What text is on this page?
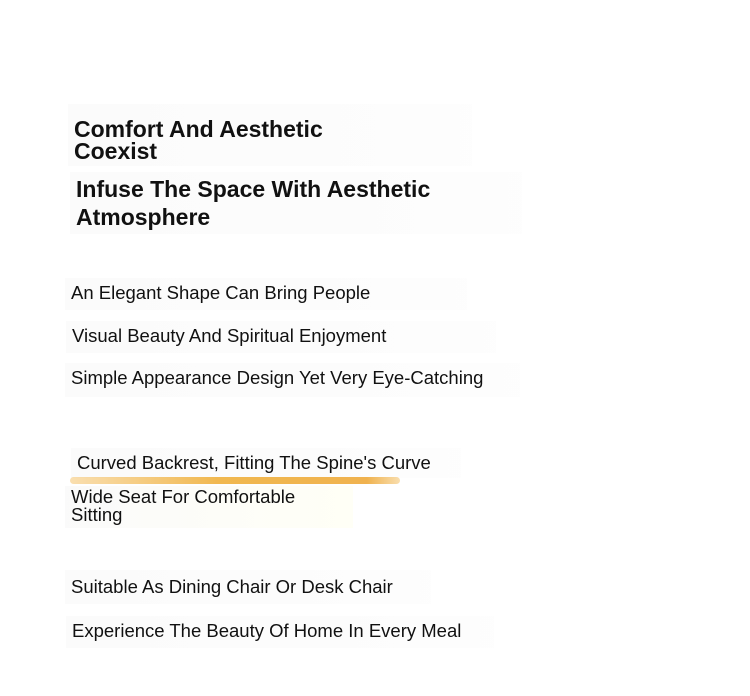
Comfort And Aesthetic Coexist
Infuse The Space With Aesthetic Atmosphere
An Elegant Shape Can Bring People
Visual Beauty And Spiritual Enjoyment
Simple Appearance Design Yet Very Eye-Catching
Curved Backrest, Fitting The Spine's Curve
Wide Seat For Comfortable Sitting
Suitable As Dining Chair Or Desk Chair
Experience The Beauty Of Home In Every Meal
